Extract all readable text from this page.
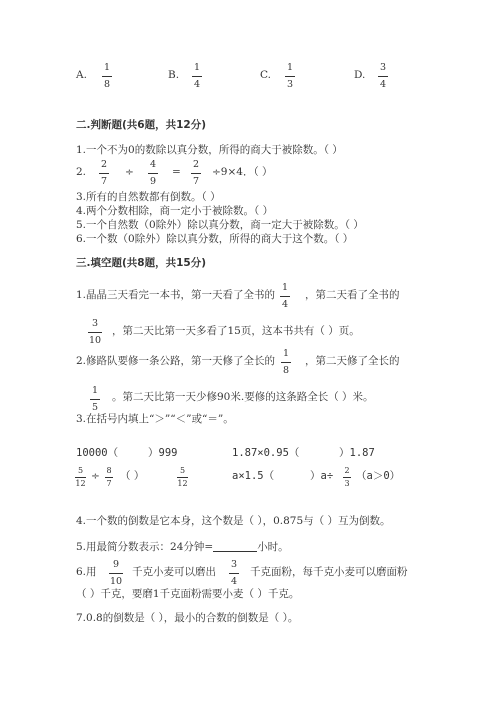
A.
1
8
B.
1
4
C.
1
3
D.
3
4
二.判断题(共6题，共12分)
1.一个不为0的数除以真分数，所得的商大于被除数。（ ）
2.
2
7
÷
4
9
=
2
7
÷9×4．（ ）
3.所有的自然数都有倒数。（ ）
4.两个分数相除，商一定小于被除数。（ ）
5.一个自然数（0除外）除以真分数，商一定大于被除数。（ ）
6.一个数（0除外）除以真分数，所得的商大于这个数。（ ）
三.填空题(共8题，共15分)
1.晶晶三天看完一本书，第一天看了全书的
1
4
，第二天看了全书的
3
10
，第二天比第一天多看了15页，这本书共有（ ）页。
2.修路队要修一条公路，第一天修了全长的
1
8
，第二天修了全长的
1
5
。第二天比第一天少修90米.要修的这条路全长（ ）米。
3.在括号内填上“＞”“＜”或“＝”。
10000（	）999	1.87×0.95（	）1.87
5
12
÷ 8
7
（ ）	5
12
a×1.5（	）a÷ 2
3
（a＞0）
4.一个数的倒数是它本身，这个数是（ ），0.875与（ ）互为倒数。
5.用最简分数表示：24分钟=	小时。
6.用
9
10
千克小麦可以磨出
3
4
千克面粉，每千克小麦可以磨面粉
（ ）千克，要磨1千克面粉需要小麦（ ）千克。
7.0.8的倒数是（ ），最小的合数的倒数是（ ）。
